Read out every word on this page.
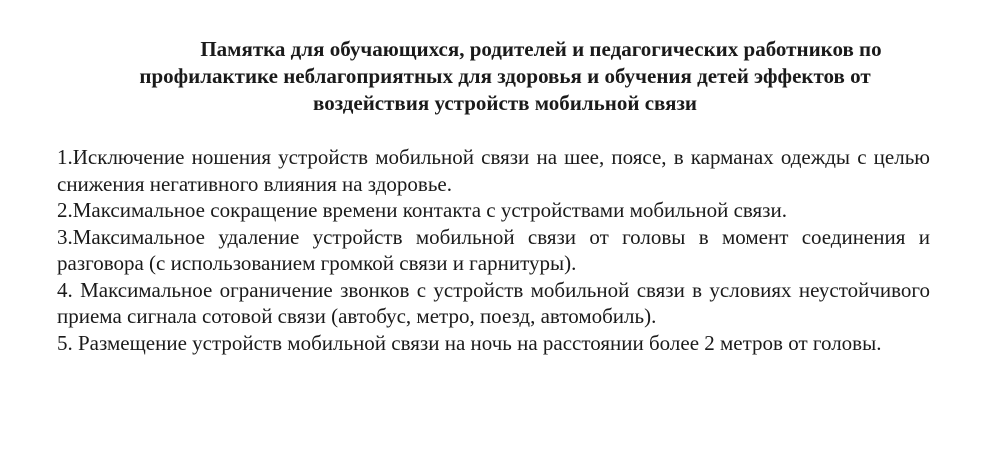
Памятка для обучающихся, родителей и педагогических работников по
профилактике неблагоприятных для здоровья и обучения детей эффектов от
воздействия устройств мобильной связи
1.Исключение ношения устройств мобильной связи на шее, поясе, в карманах одежды с целью снижения негативного влияния на здоровье.
2.Максимальное сокращение времени контакта с устройствами мобильной связи.
3.Максимальное удаление устройств мобильной связи от головы в момент соединения и разговора (с использованием громкой связи и гарнитуры).
4. Максимальное ограничение звонков с устройств мобильной связи в условиях неустойчивого приема сигнала сотовой связи (автобус, метро, поезд, автомобиль).
5. Размещение устройств мобильной связи на ночь на расстоянии более 2 метров от головы.
